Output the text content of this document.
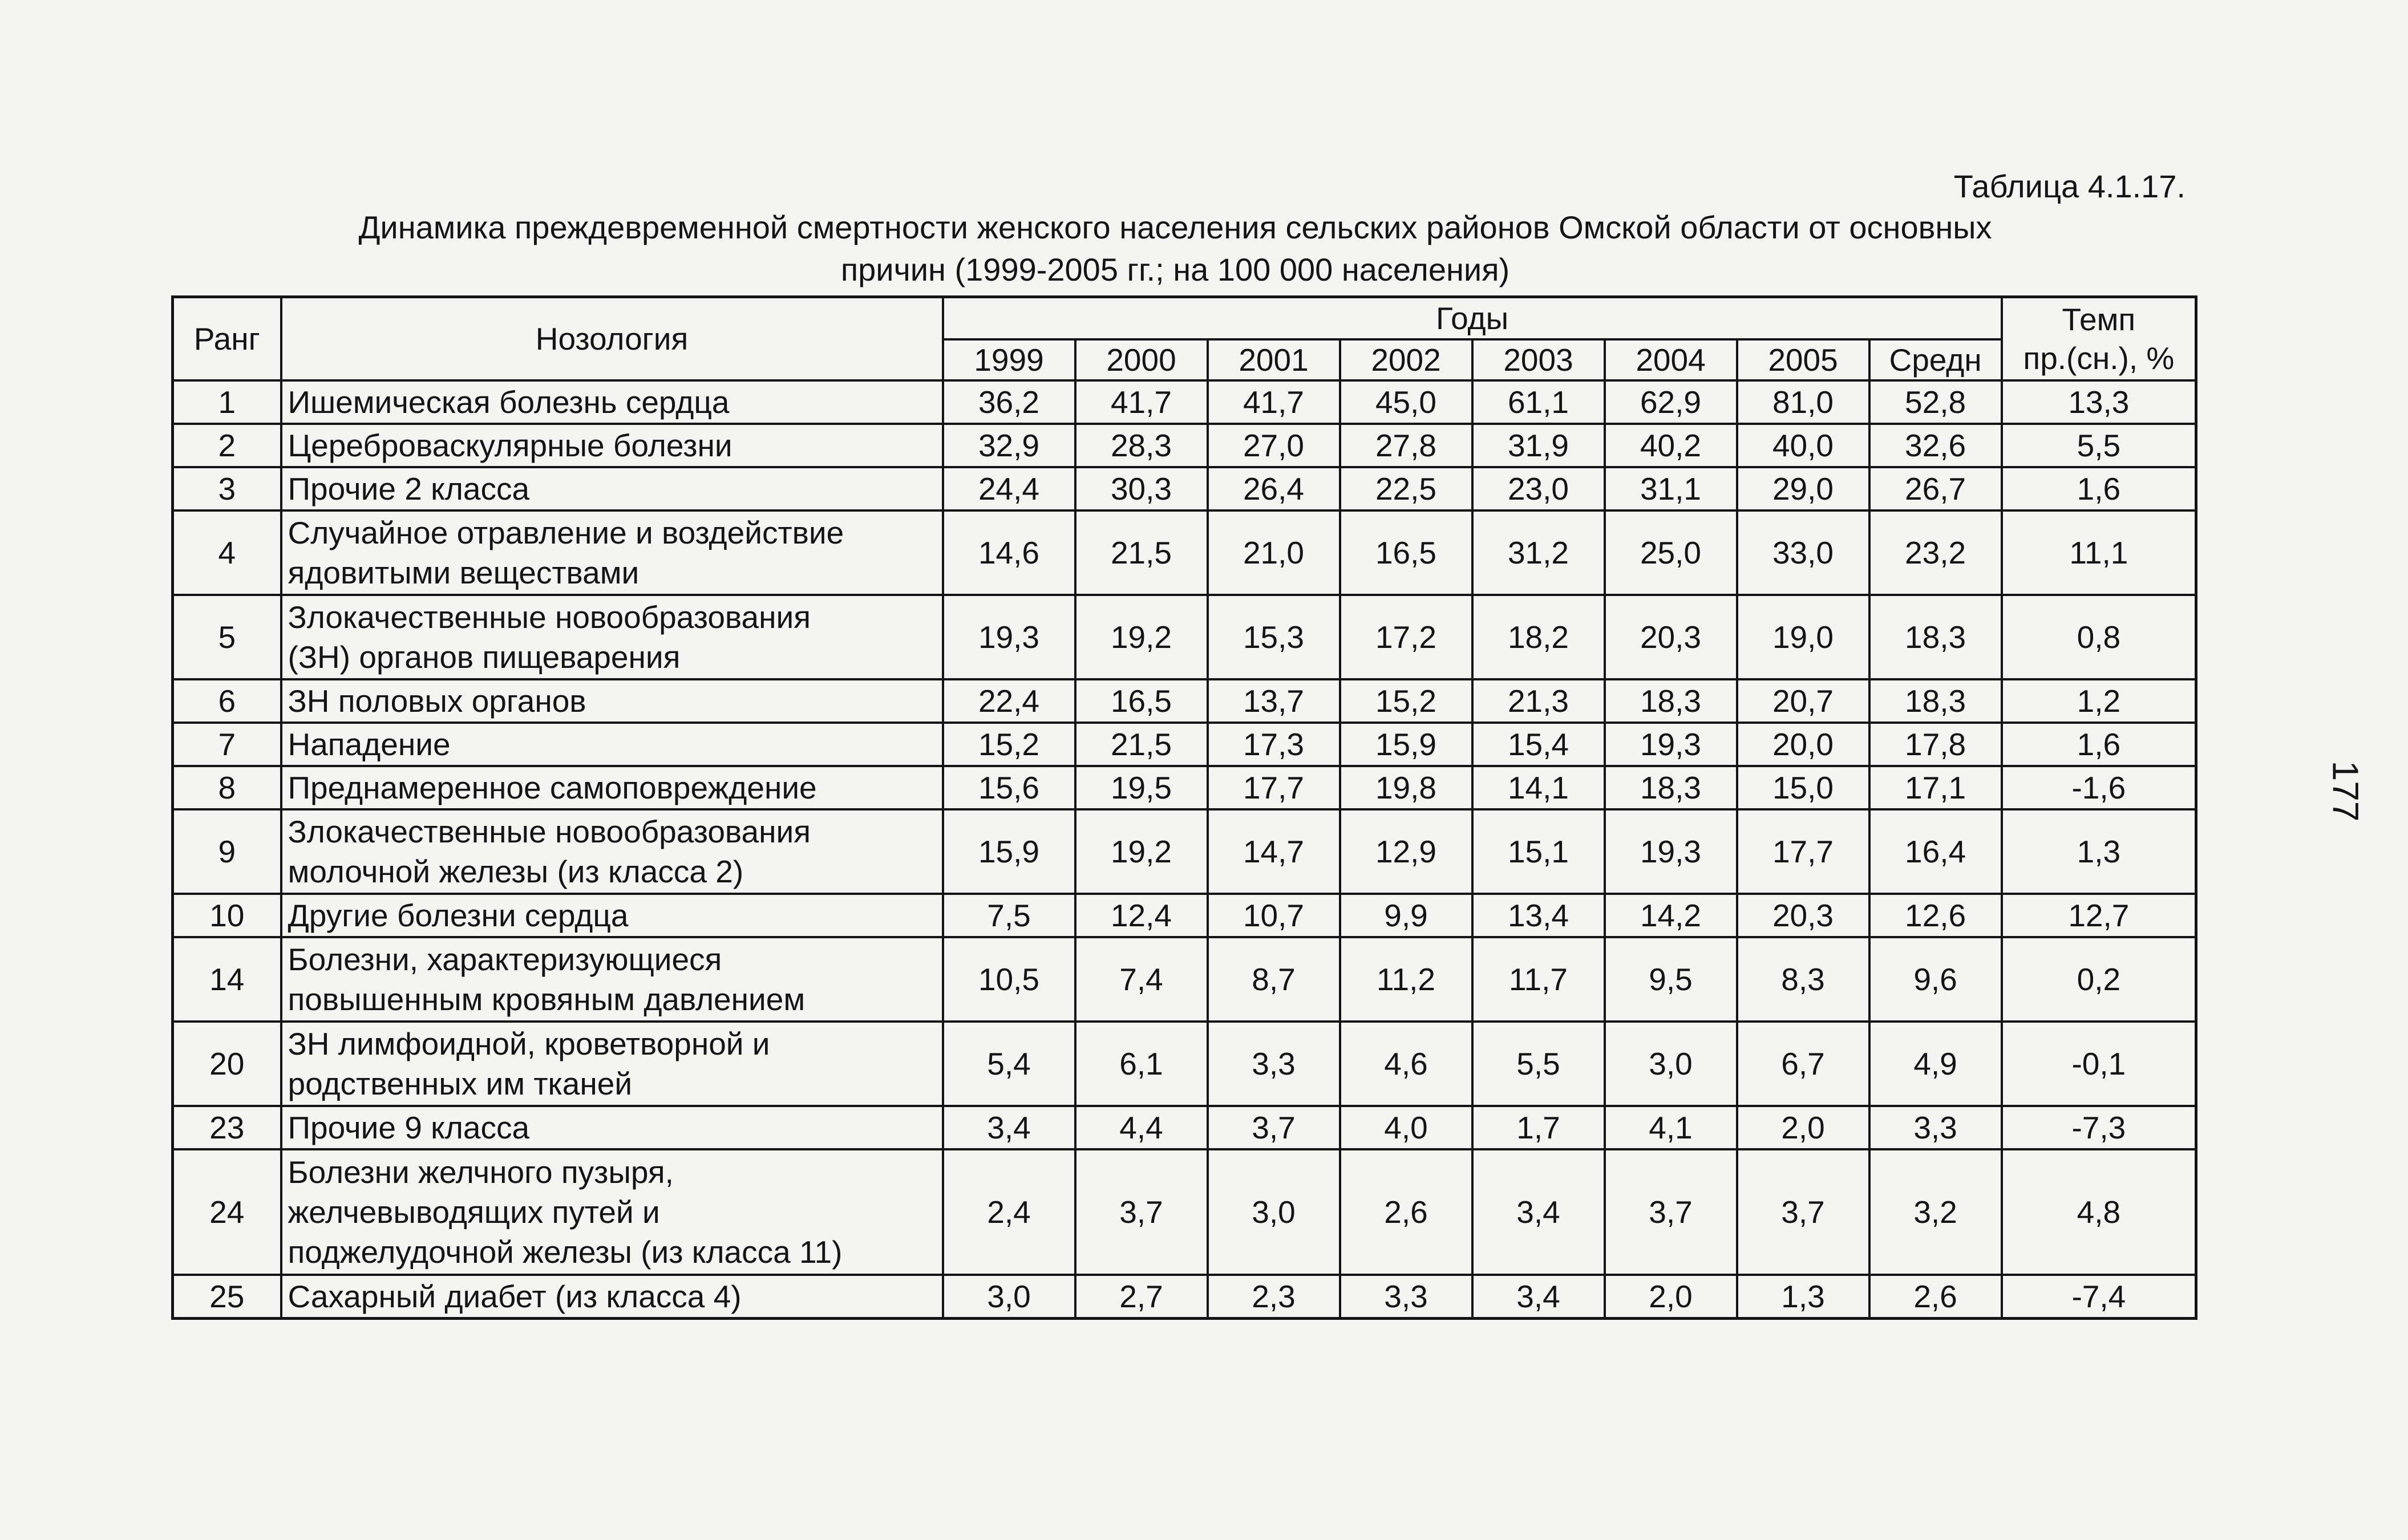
Таблица 4.1.17.
Динамика преждевременной смертности женского населения сельских районов Омской области от основных
причин (1999-2005 гг.; на 100 000 населения)
177
Ранг	Нозология	Годы								Темп
пр.(сн.), %

		1999	2000	2001	2002	2003	2004	2005	Средн	
1	Ишемическая болезнь сердца	36,2	41,7	41,7	45,0	61,1	62,9	81,0	52,8	13,3
2	Цереброваскулярные болезни	32,9	28,3	27,0	27,8	31,9	40,2	40,0	32,6	5,5
3	Прочие 2 класса	24,4	30,3	26,4	22,5	23,0	31,1	29,0	26,7	1,6
4	Случайное отравление и воздействие
ядовитыми веществами	14,6	21,5	21,0	16,5	31,2	25,0	33,0	23,2	11,1
5	Злокачественные новообразования
(ЗН) органов пищеварения	19,3	19,2	15,3	17,2	18,2	20,3	19,0	18,3	0,8
6	ЗН половых органов	22,4	16,5	13,7	15,2	21,3	18,3	20,7	18,3	1,2
7	Нападение	15,2	21,5	17,3	15,9	15,4	19,3	20,0	17,8	1,6
8	Преднамеренное самоповреждение	15,6	19,5	17,7	19,8	14,1	18,3	15,0	17,1	-1,6
9	Злокачественные новообразования
молочной железы (из класса 2)	15,9	19,2	14,7	12,9	15,1	19,3	17,7	16,4	1,3
10	Другие болезни сердца	7,5	12,4	10,7	9,9	13,4	14,2	20,3	12,6	12,7
14	Болезни, характеризующиеся
повышенным кровяным давлением	10,5	7,4	8,7	11,2	11,7	9,5	8,3	9,6	0,2
20	ЗН лимфоидной, кроветворной и
родственных им тканей	5,4	6,1	3,3	4,6	5,5	3,0	6,7	4,9	-0,1
23	Прочие 9 класса	3,4	4,4	3,7	4,0	1,7	4,1	2,0	3,3	-7,3
24	Болезни желчного пузыря,
желчевыводящих путей и
поджелудочной железы (из класса 11)	2,4	3,7	3,0	2,6	3,4	3,7	3,7	3,2	4,8
25	Сахарный диабет (из класса 4)	3,0	2,7	2,3	3,3	3,4	2,0	1,3	2,6	-7,4
